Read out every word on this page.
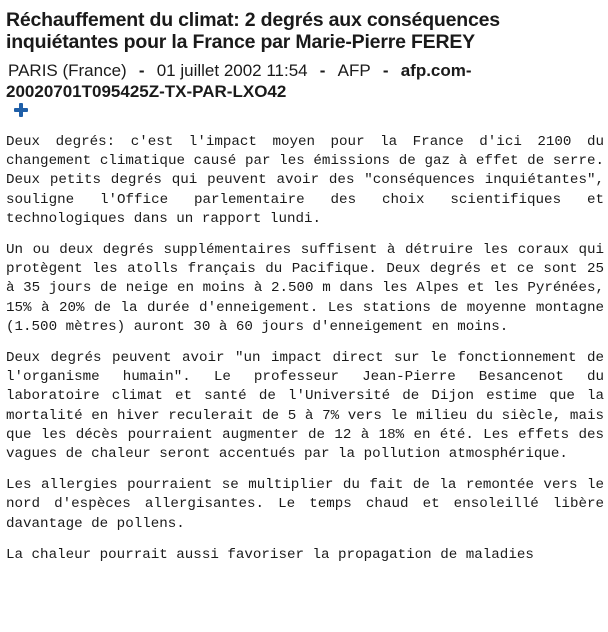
Réchauffement du climat: 2 degrés aux conséquences inquiétantes pour la France par Marie-Pierre FEREY
PARIS (France) - 01 juillet 2002 11:54 - AFP - afp.com-20020701T095425Z-TX-PAR-LXO42

Deux degrés: c'est l'impact moyen pour la France d'ici 2100 du changement climatique causé par les émissions de gaz à effet de serre. Deux petits degrés qui peuvent avoir des "conséquences inquiétantes", souligne l'Office parlementaire des choix scientifiques et technologiques dans un rapport lundi.

Un ou deux degrés supplémentaires suffisent à détruire les coraux qui protègent les atolls français du Pacifique. Deux degrés et ce sont 25 à 35 jours de neige en moins à 2.500 m dans les Alpes et les Pyrénées, 15% à 20% de la durée d'enneigement. Les stations de moyenne montagne (1.500 mètres) auront 30 à 60 jours d'enneigement en moins.

Deux degrés peuvent avoir "un impact direct sur le fonctionnement de l'organisme humain". Le professeur Jean-Pierre Besancenot du laboratoire climat et santé de l'Université de Dijon estime que la mortalité en hiver reculerait de 5 à 7% vers le milieu du siècle, mais que les décès pourraient augmenter de 12 à 18% en été. Les effets des vagues de chaleur seront accentués par la pollution atmosphérique.

Les allergies pourraient se multiplier du fait de la remontée vers le nord d'espèces allergisantes. Le temps chaud et ensoleillé libère davantage de pollens.

La chaleur pourrait aussi favoriser la propagation de maladies
